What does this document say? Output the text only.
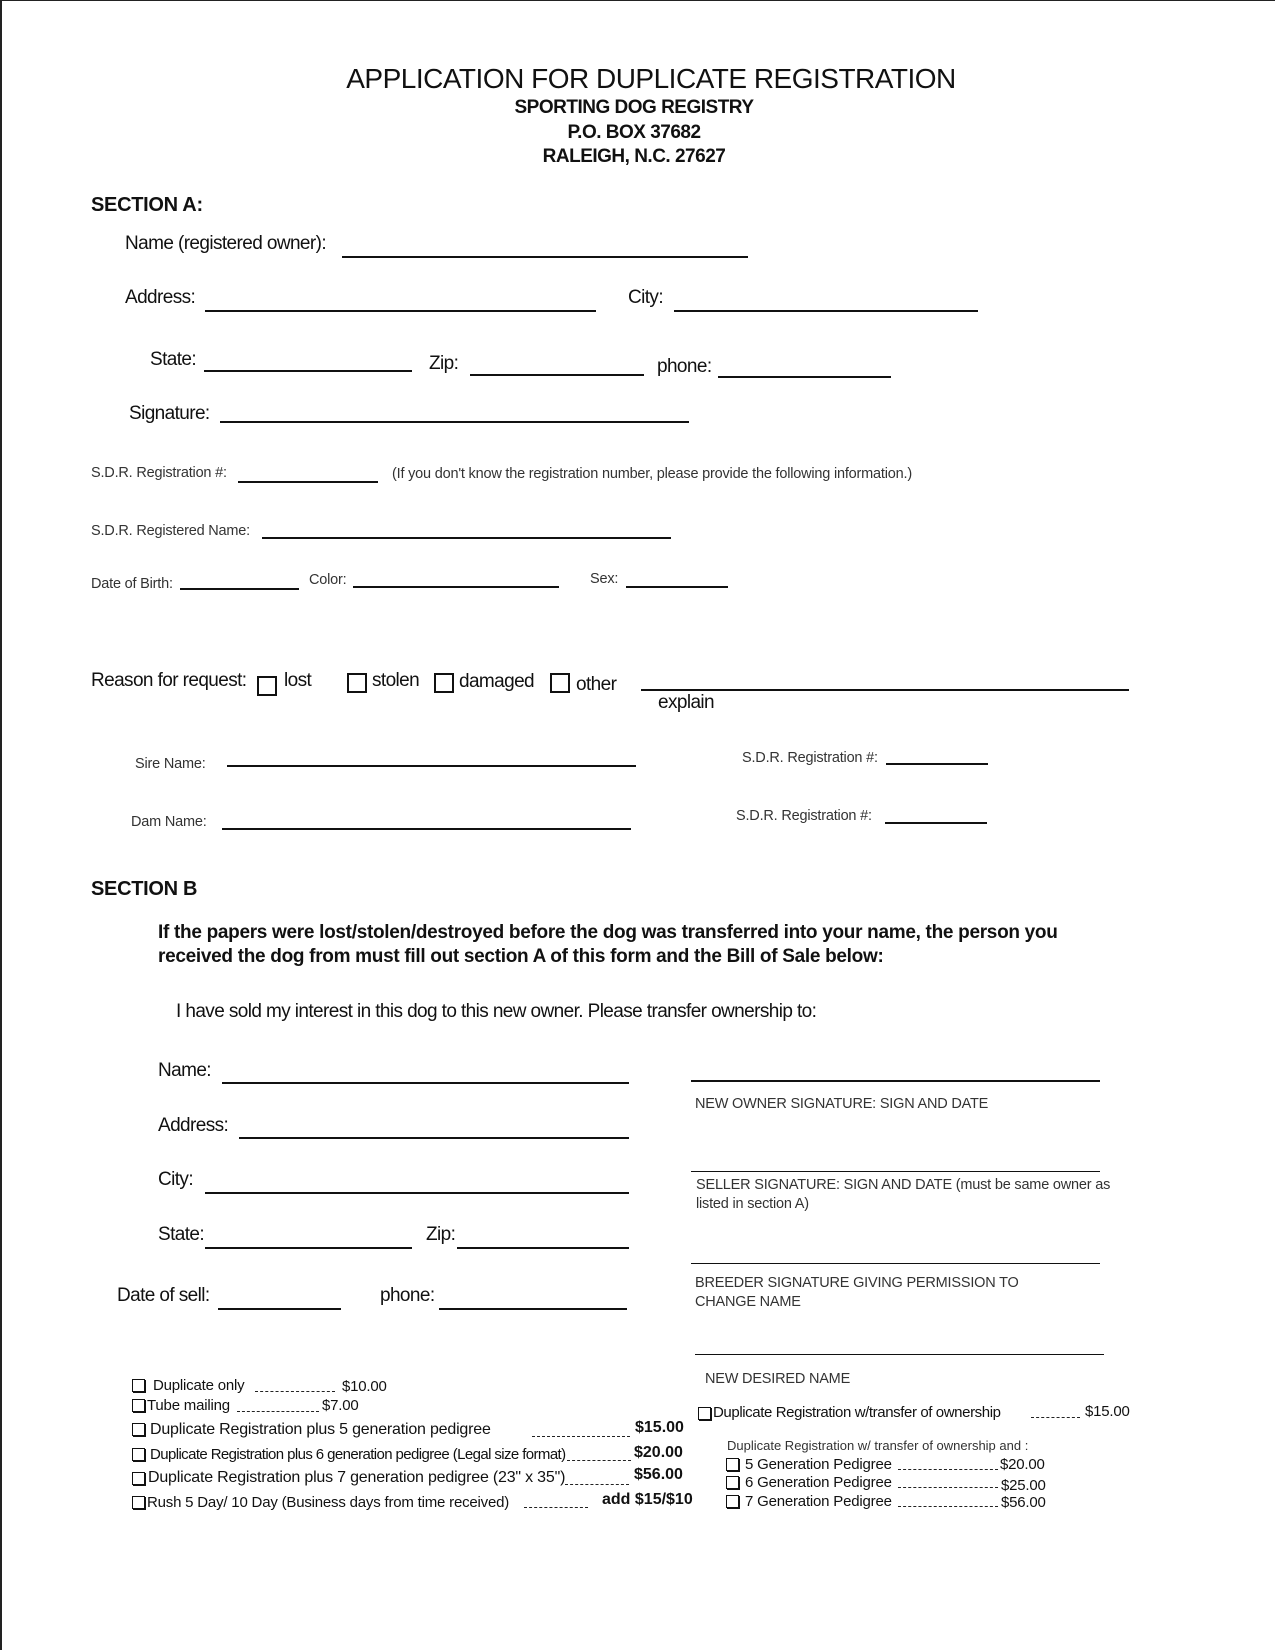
APPLICATION FOR DUPLICATE REGISTRATION
SPORTING DOG REGISTRY
P.O. BOX 37682
RALEIGH, N.C. 27627
SECTION A:
Name (registered owner):
Address:	City:
State:	Zip:	phone:
Signature:
S.D.R. Registration #:	(If you don't know the registration number, please provide the following information.)
S.D.R. Registered Name:
Date of Birth:	Color:	Sex:
Reason for request: lost	stolen damaged other
explain
Sire Name:	S.D.R. Registration #:
Dam Name:	S.D.R. Registration #:
SECTION B
If the papers were lost/stolen/destroyed before the dog was transferred into your name, the person you
received the dog from must fill out section A of this form and the Bill of Sale below:
I have sold my interest in this dog to this new owner. Please transfer ownership to:
Name:
Address:
City:
State:	Zip:
Date of sell:	phone:
NEW OWNER SIGNATURE: SIGN AND DATE
SELLER SIGNATURE: SIGN AND DATE (must be same owner as
listed in section A)
BREEDER SIGNATURE GIVING PERMISSION TO
CHANGE NAME
NEW DESIRED NAME
Duplicate only	$10.00
Tube mailing	$7.00
Duplicate Registration plus 5 generation pedigree	$15.00
Duplicate Registration plus 6 generation pedigree (Legal size format)	$20.00
Duplicate Registration plus 7 generation pedigree (23" x 35")	$56.00
Rush 5 Day/ 10 Day (Business days from time received)	add $15/$10
Duplicate Registration w/transfer of ownership	$15.00
Duplicate Registration w/ transfer of ownership and :
5 Generation Pedigree	$20.00
6 Generation Pedigree	$25.00
7 Generation Pedigree	$56.00
